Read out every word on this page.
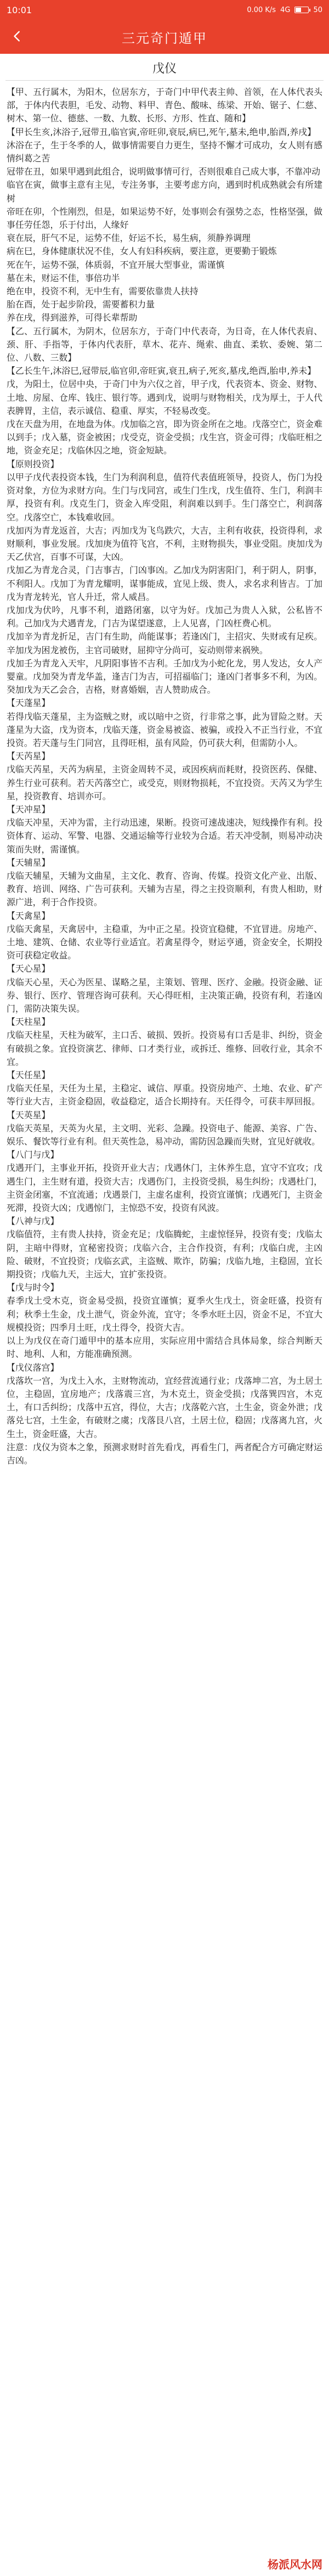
10:01	0.00 K/s 4G	50
三元奇门遁甲
戊仪

【甲、五行属木，为阳木，位居东方，于奇门中甲代表主帅、首领，在人体代表头部，于体内代表胆，毛发、动物、料甲、青色、酸味、练梁、开始、锯子、仁慈、树木、第一位、德慈、一数、九数、长形、方形、性直、随和】

【甲长生亥,沐浴子,冠带丑,临官寅,帝旺卯,衰辰,病巳,死午,墓未,绝申,胎酉,养戌】

沐浴在子，生于冬季的人，做事情需要自力更生，坚持不懈才可成功，女人则有感情纠葛之苦

冠带在丑，如果甲遇到此组合，说明做事情可行，否则很难自己成大事，不靠冲动

临官在寅，做事主意有主见，专注务事，主要考虑方向，遇到时机成熟就会有所建树

帝旺在卯，个性刚烈，但是，如果运势不好，处事则会有强势之态，性格坚强，做事任劳任怨，乐于付出，人缘好

衰在辰，肝气不足，运势不佳，好运不长，易生病，须静养调理

病在巳，身体健康状况不佳，女人有妇科疾病，要注意，更要勤于锻炼

死在午，运势不强，体质弱，不宜开展大型事业，需谨慎

墓在未，财运不佳，事倍功半

绝在申，投资不利，无中生有，需要依靠贵人扶持

胎在酉，处于起步阶段，需要蓄积力量

养在戌，得到滋养，可得长辈帮助

【乙、五行属木，为阴木，位居东方，于奇门中代表奇，为日奇，在人体代表肩、颈、肝、手指等，于体内代表肝，草木、花卉、绳索、曲直、柔软、委婉、第二位、八数、三数】

【乙长生午,沐浴巳,冠带辰,临官卯,帝旺寅,衰丑,病子,死亥,墓戌,绝酉,胎申,养未】

戊，为阳土，位居中央，于奇门中为六仪之首，甲子戊，代表资本、资金、财物、土地、房屋、仓库、钱庄、银行等。遇到戊，说明与财物相关，戊为厚土，于人代表脾胃，主信，表示诚信、稳重、厚实，不轻易改变。

戊在天盘为用，在地盘为体。戊加临之宫，即为资金所在之地。戊落空亡，资金难以到手；戊入墓，资金被困；戊受克，资金受损；戊生宫，资金可得；戊临旺相之地，资金充足；戊临休囚之地，资金短缺。

【原则投资】

以甲子戊代表投资本钱，生门为利润利息，值符代表值班领导，投资人，伤门为投资对象，方位为求财方向。生门与戊同宫，或生门生戊，戊生值符、生门，利润丰厚，投资有利。戊克生门，资金入库受阻，利润难以到手。生门落空亡，利润落空。戊落空亡，本钱难收回。

戊加丙为青龙返首，大吉；丙加戊为飞鸟跌穴，大吉，主利有收获，投资得利，求财顺利，事业发展。戊加庚为值符飞宫，不利，主财物损失，事业受阻。庚加戊为天乙伏宫，百事不可谋，大凶。

戊加乙为青龙合灵，门吉事吉，门凶事凶。乙加戊为阴害阳门，利于阴人，阴事，不利阳人。戊加丁为青龙耀明，谋事能成，宜见上级、贵人，求名求利皆吉。丁加戊为青龙转光，官人升迁，常人威昌。

戊加戊为伏吟，凡事不利，道路闭塞，以守为好。戊加己为贵人入狱，公私皆不利。己加戊为犬遇青龙，门吉为谋望遂意，上人见喜，门凶枉费心机。

戊加辛为青龙折足，吉门有生助，尚能谋事；若逢凶门，主招灾、失财或有足疾。辛加戊为困龙被伤，主官司破财，屈抑守分尚可，妄动则带来祸殃。

戊加壬为青龙入天牢，凡阴阳事皆不吉利。壬加戊为小蛇化龙，男人发达，女人产婴童。戊加癸为青龙华盖，逢吉门为吉，可招福临门；逢凶门者事多不利，为凶。癸加戊为天乙会合，吉格，财喜婚姻，吉人赞助成合。

【天蓬星】

若得戊临天蓬星，主为盗贼之财，或以暗中之资，行非常之事，此为冒险之财。天蓬星为大盗，戊为资本，戊临天蓬，资金易被盗、被骗，或投入不正当行业，不宜投资。若天蓬与生门同宫，且得旺相，虽有风险，仍可获大利，但需防小人。

【天芮星】

戊临天芮星，天芮为病星，主资金周转不灵，或因疾病而耗财，投资医药、保健、养生行业可获利。若天芮落空亡，或受克，则财物损耗，不宜投资。天芮又为学生星，投资教育、培训亦可。

【天冲星】

戊临天冲星，天冲为雷，主行动迅速，果断。投资可速战速决，短线操作有利。投资体育、运动、军警、电器、交通运输等行业较为合适。若天冲受制，则易冲动决策而失财，需谨慎。

【天辅星】

戊临天辅星，天辅为文曲星，主文化、教育、咨询、传媒。投资文化产业、出版、教育、培训、网络、广告可获利。天辅为吉星，得之主投资顺利，有贵人相助，财源广进，利于合作投资。

【天禽星】

戊临天禽星，天禽居中，主稳重，为中正之星。投资宜稳健，不宜冒进。房地产、土地、建筑、仓储、农业等行业适宜。若禽星得令，财运亨通，资金安全，长期投资可获稳定收益。

【天心星】

戊临天心星，天心为医星、谋略之星，主策划、管理、医疗、金融。投资金融、证券、银行、医疗、管理咨询可获利。天心得旺相，主决策正确，投资有利，若逢凶门，需防决策失误。

【天柱星】

戊临天柱星，天柱为破军，主口舌、破损、毁折。投资易有口舌是非、纠纷，资金有破损之象。宜投资演艺、律师、口才类行业，或拆迁、维修、回收行业，其余不宜。

【天任星】

戊临天任星，天任为土星，主稳定、诚信、厚重。投资房地产、土地、农业、矿产等行业大吉，主资金稳固，收益稳定，适合长期持有。天任得令，可获丰厚回报。

【天英星】

戊临天英星，天英为火星，主文明、光彩、急躁。投资电子、能源、美容、广告、娱乐、餐饮等行业有利。但天英性急，易冲动，需防因急躁而失财，宜见好就收。

【八门与戊】

戊遇开门，主事业开拓，投资开业大吉；戊遇休门，主休养生息，宜守不宜攻；戊遇生门，主生财有道，投资大吉；戊遇伤门，主投资受损，易生纠纷；戊遇杜门，主资金闭塞，不宜流通；戊遇景门，主虚名虚利，投资宜谨慎；戊遇死门，主资金死滞，投资大凶；戊遇惊门，主惊恐不安，投资有风波。

【八神与戊】

戊临值符，主有贵人扶持，资金充足；戊临腾蛇，主虚惊怪异，投资有变；戊临太阴，主暗中得财，宜秘密投资；戊临六合，主合作投资，有利；戊临白虎，主凶险、破财，不宜投资；戊临玄武，主盗贼、欺诈，防骗；戊临九地，主稳固，宜长期投资；戊临九天，主远大，宜扩张投资。

【戊与时令】

春季戊土受木克，资金易受损，投资宜谨慎；夏季火生戊土，资金旺盛，投资有利；秋季土生金，戊土泄气，资金外流，宜守；冬季水旺土囚，资金不足，不宜大规模投资；四季月土旺，戊土得令，投资大吉。

以上为戊仪在奇门遁甲中的基本应用，实际应用中需结合具体局象，综合判断天时、地利、人和，方能准确预测。

【戊仪落宫】

戊落坎一宫，为戊土入水，主财物流动，宜经营流通行业；戊落坤二宫，为土居土位，主稳固，宜房地产；戊落震三宫，为木克土，资金受损；戊落巽四宫，木克土，有口舌纠纷；戊落中五宫，得位，大吉；戊落乾六宫，土生金，资金外泄；戊落兑七宫，土生金，有破财之虞；戊落艮八宫，土居土位，稳固；戊落离九宫，火生土，资金旺盛，大吉。

注意：戊仪为资本之象，预测求财时首先看戊，再看生门，两者配合方可确定财运吉凶。

杨派风水网
